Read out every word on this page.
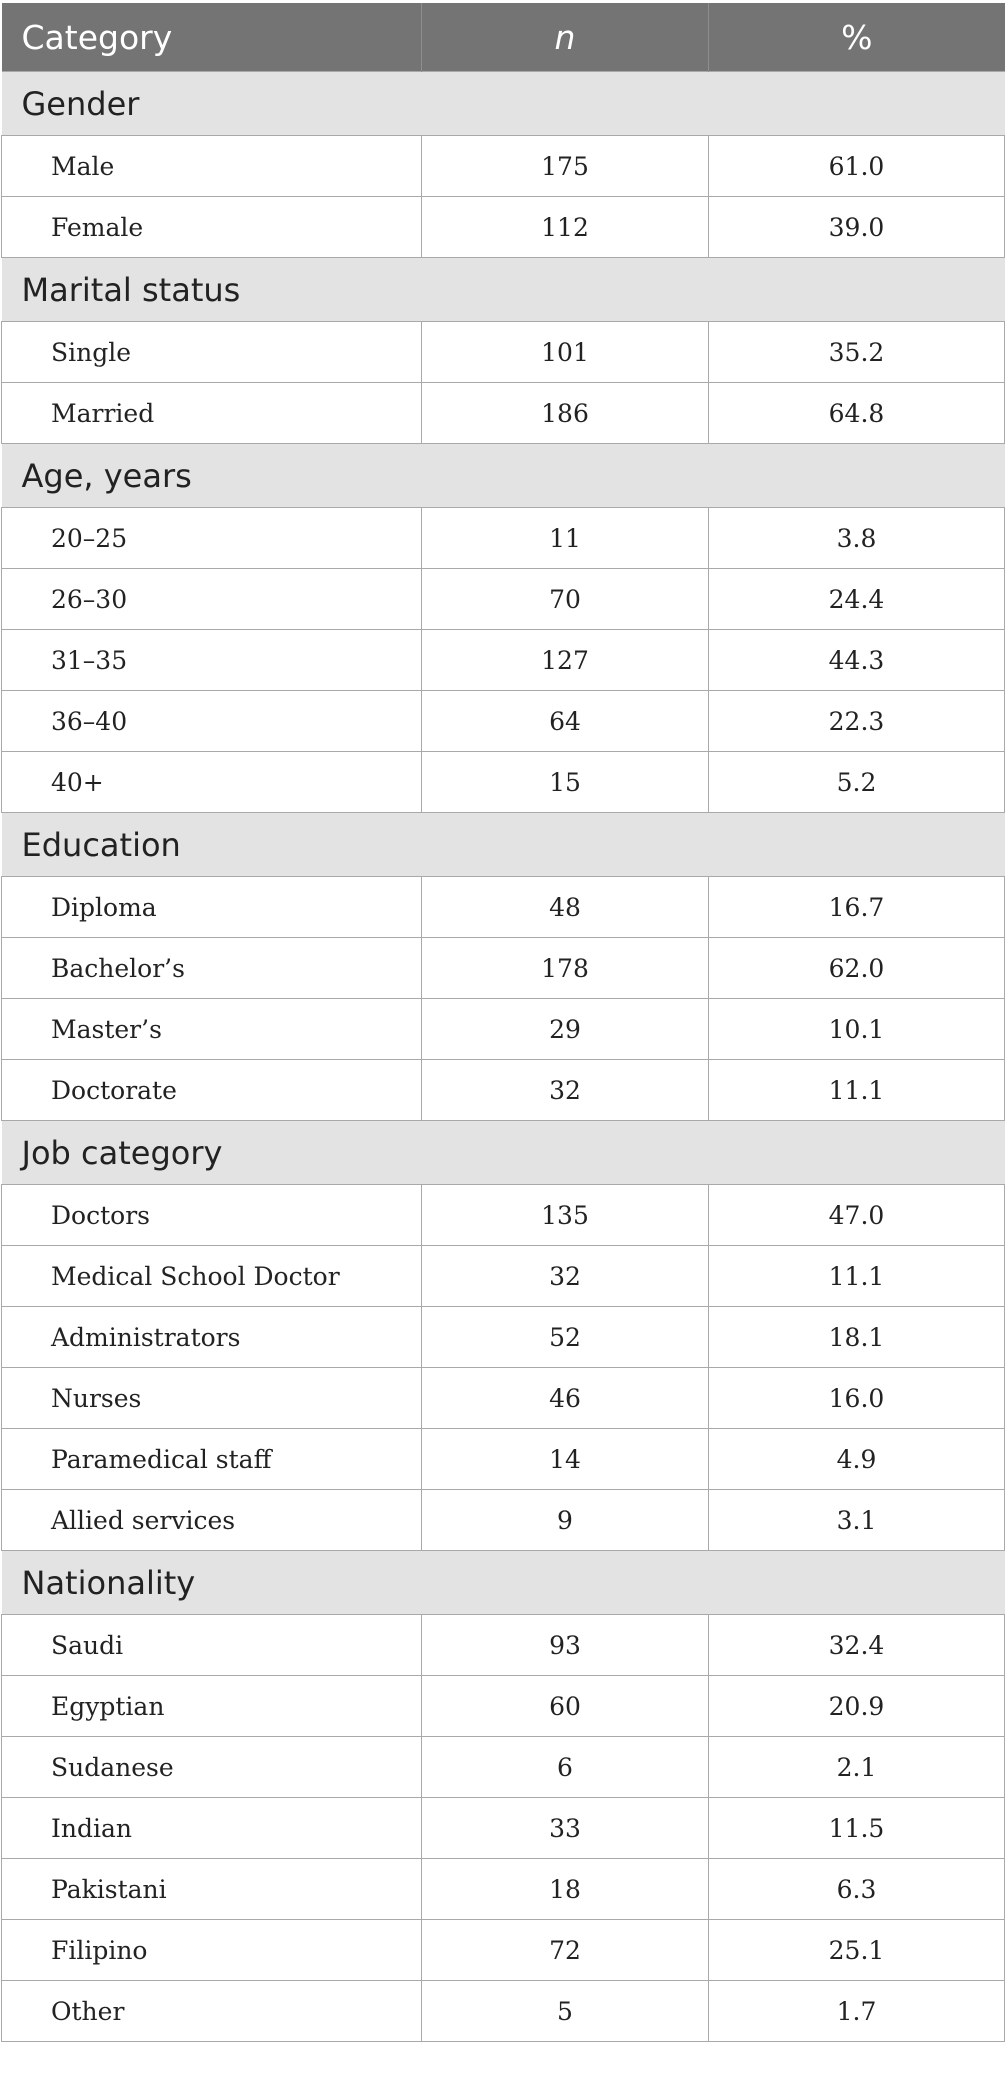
Category	n	%
Gender		
Male	175	61.0
Female	112	39.0
Marital status		
Single	101	35.2
Married	186	64.8
Age, years		
20–25	11	3.8
26–30	70	24.4
31–35	127	44.3
36–40	64	22.3
40+	15	5.2
Education		
Diploma	48	16.7
Bachelor’s	178	62.0
Master’s	29	10.1
Doctorate	32	11.1
Job category		
Doctors	135	47.0
Medical School Doctor	32	11.1
Administrators	52	18.1
Nurses	46	16.0
Paramedical staff	14	4.9
Allied services	9	3.1
Nationality		
Saudi	93	32.4
Egyptian	60	20.9
Sudanese	6	2.1
Indian	33	11.5
Pakistani	18	6.3
Filipino	72	25.1
Other	5	1.7
